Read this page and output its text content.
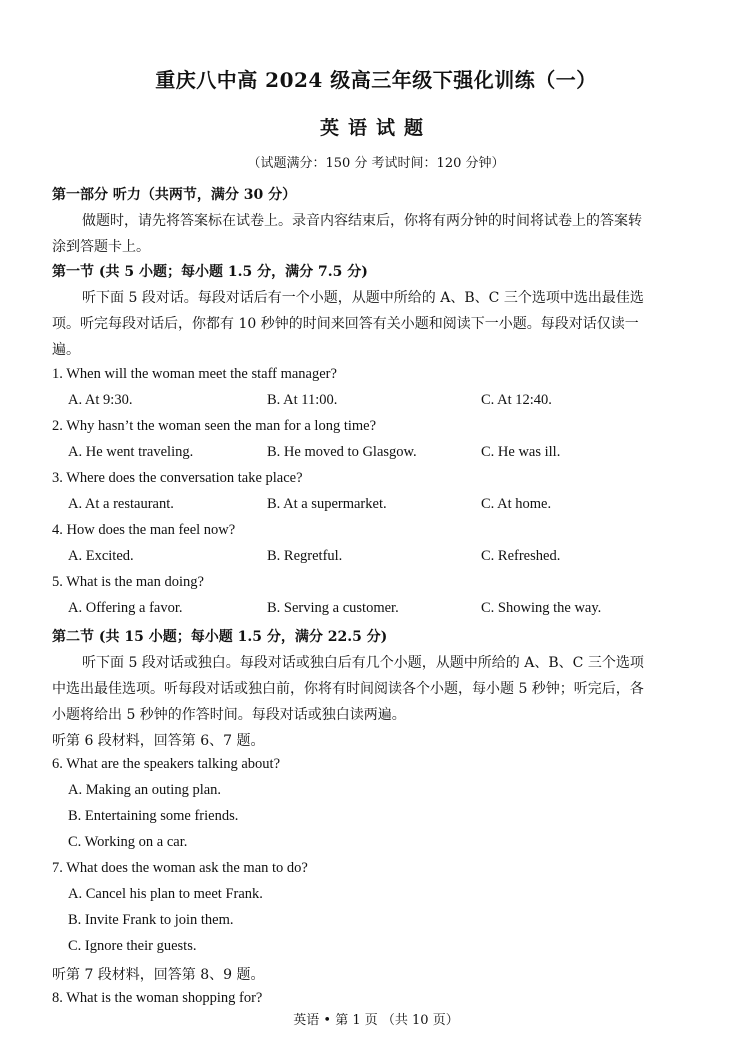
重庆八中高 2024 级高三年级下强化训练（一）
英语试题
（试题满分：150 分 考试时间：120 分钟）
第一部分 听力（共两节，满分 30 分）
做题时，请先将答案标在试卷上。录音内容结束后，你将有两分钟的时间将试卷上的答案转
涂到答题卡上。
第一节 (共 5 小题；每小题 1.5 分，满分 7.5 分)
听下面 5 段对话。每段对话后有一个小题，从题中所给的 A、B、C 三个选项中选出最佳选
项。听完每段对话后，你都有 10 秒钟的时间来回答有关小题和阅读下一小题。每段对话仅读一
遍。
1. When will the woman meet the staff manager?
A. At 9:30.	B. At 11:00.	C. At 12:40.
2. Why hasn’t the woman seen the man for a long time?
A. He went traveling.	B. He moved to Glasgow.	C. He was ill.
3. Where does the conversation take place?
A. At a restaurant.	B. At a supermarket.	C. At home.
4. How does the man feel now?
A. Excited.	B. Regretful.	C. Refreshed.
5. What is the man doing?
A. Offering a favor.	B. Serving a customer.	C. Showing the way.
第二节 (共 15 小题；每小题 1.5 分，满分 22.5 分)
听下面 5 段对话或独白。每段对话或独白后有几个小题，从题中所给的 A、B、C 三个选项
中选出最佳选项。听每段对话或独白前，你将有时间阅读各个小题，每小题 5 秒钟；听完后，各
小题将给出 5 秒钟的作答时间。每段对话或独白读两遍。
听第 6 段材料，回答第 6、7 题。
6. What are the speakers talking about?
A. Making an outing plan.
B. Entertaining some friends.
C. Working on a car.
7. What does the woman ask the man to do?
A. Cancel his plan to meet Frank.
B. Invite Frank to join them.
C. Ignore their guests.
听第 7 段材料，回答第 8、9 题。
8. What is the woman shopping for?
英语 • 第 1 页 （共 10 页）
